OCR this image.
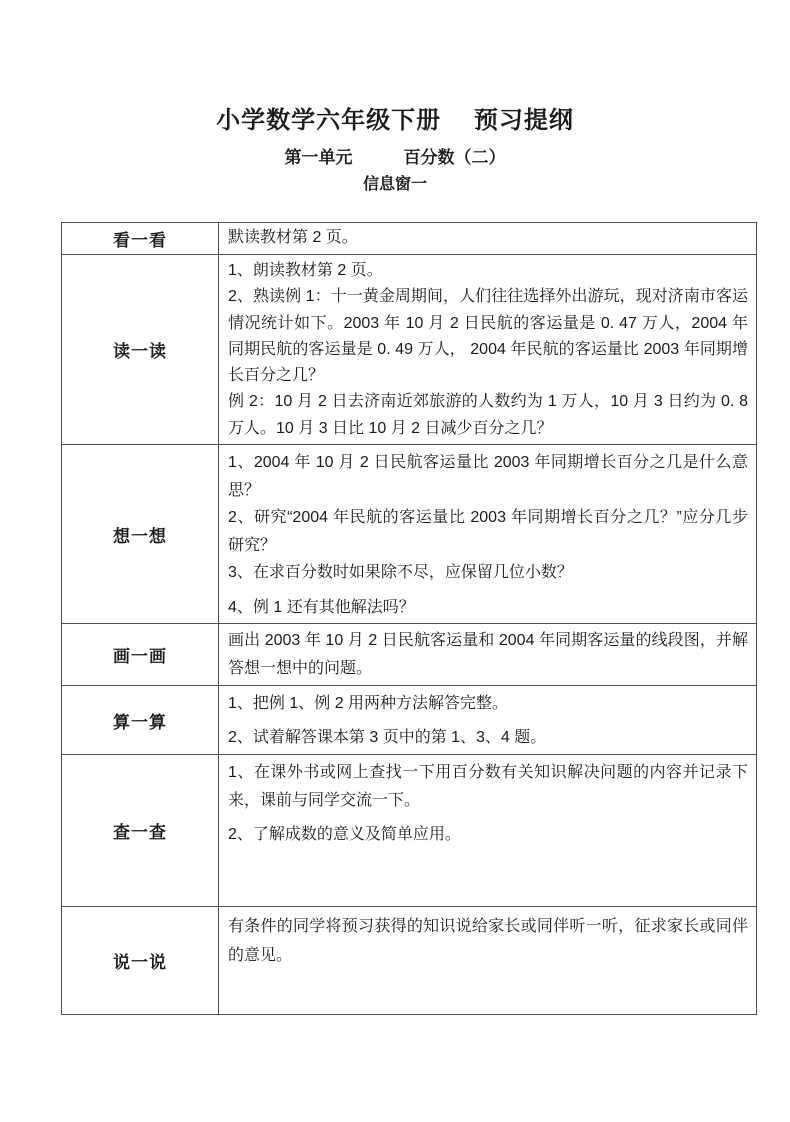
小学数学六年级下册　 预习提纲
第一单元　　　百分数（二）
信息窗一
看一看	默读教材第 2 页。

读一读	1、朗读教材第 2 页。

2、熟读例 1：十一黄金周期间，人们往往选择外出游玩，现对济南市客运情况统计如下。2003 年 10 月 2 日民航的客运量是 0. 47 万人，2004 年同期民航的客运量是 0. 49 万人， 2004 年民航的客运量比 2003 年同期增长百分之几？

例 2：10 月 2 日去济南近郊旅游的人数约为 1 万人，10 月 3 日约为 0. 8 万人。10 月 3 日比 10 月 2 日减少百分之几？

想一想	1、2004 年 10 月 2 日民航客运量比 2003 年同期增长百分之几是什么意思？

2、研究“2004 年民航的客运量比 2003 年同期增长百分之几？”应分几步研究？

3、在求百分数时如果除不尽，应保留几位小数？

4、例 1 还有其他解法吗？

画一画	画出 2003 年 10 月 2 日民航客运量和 2004 年同期客运量的线段图，并解答想一想中的问题。

算一算	1、把例 1、例 2 用两种方法解答完整。

2、试着解答课本第 3 页中的第 1、3、4 题。

查一查	1、在课外书或网上查找一下用百分数有关知识解决问题的内容并记录下来，课前与同学交流一下。

2、了解成数的意义及简单应用。

说一说	有条件的同学将预习获得的知识说给家长或同伴听一听，征求家长或同伴的意见。
